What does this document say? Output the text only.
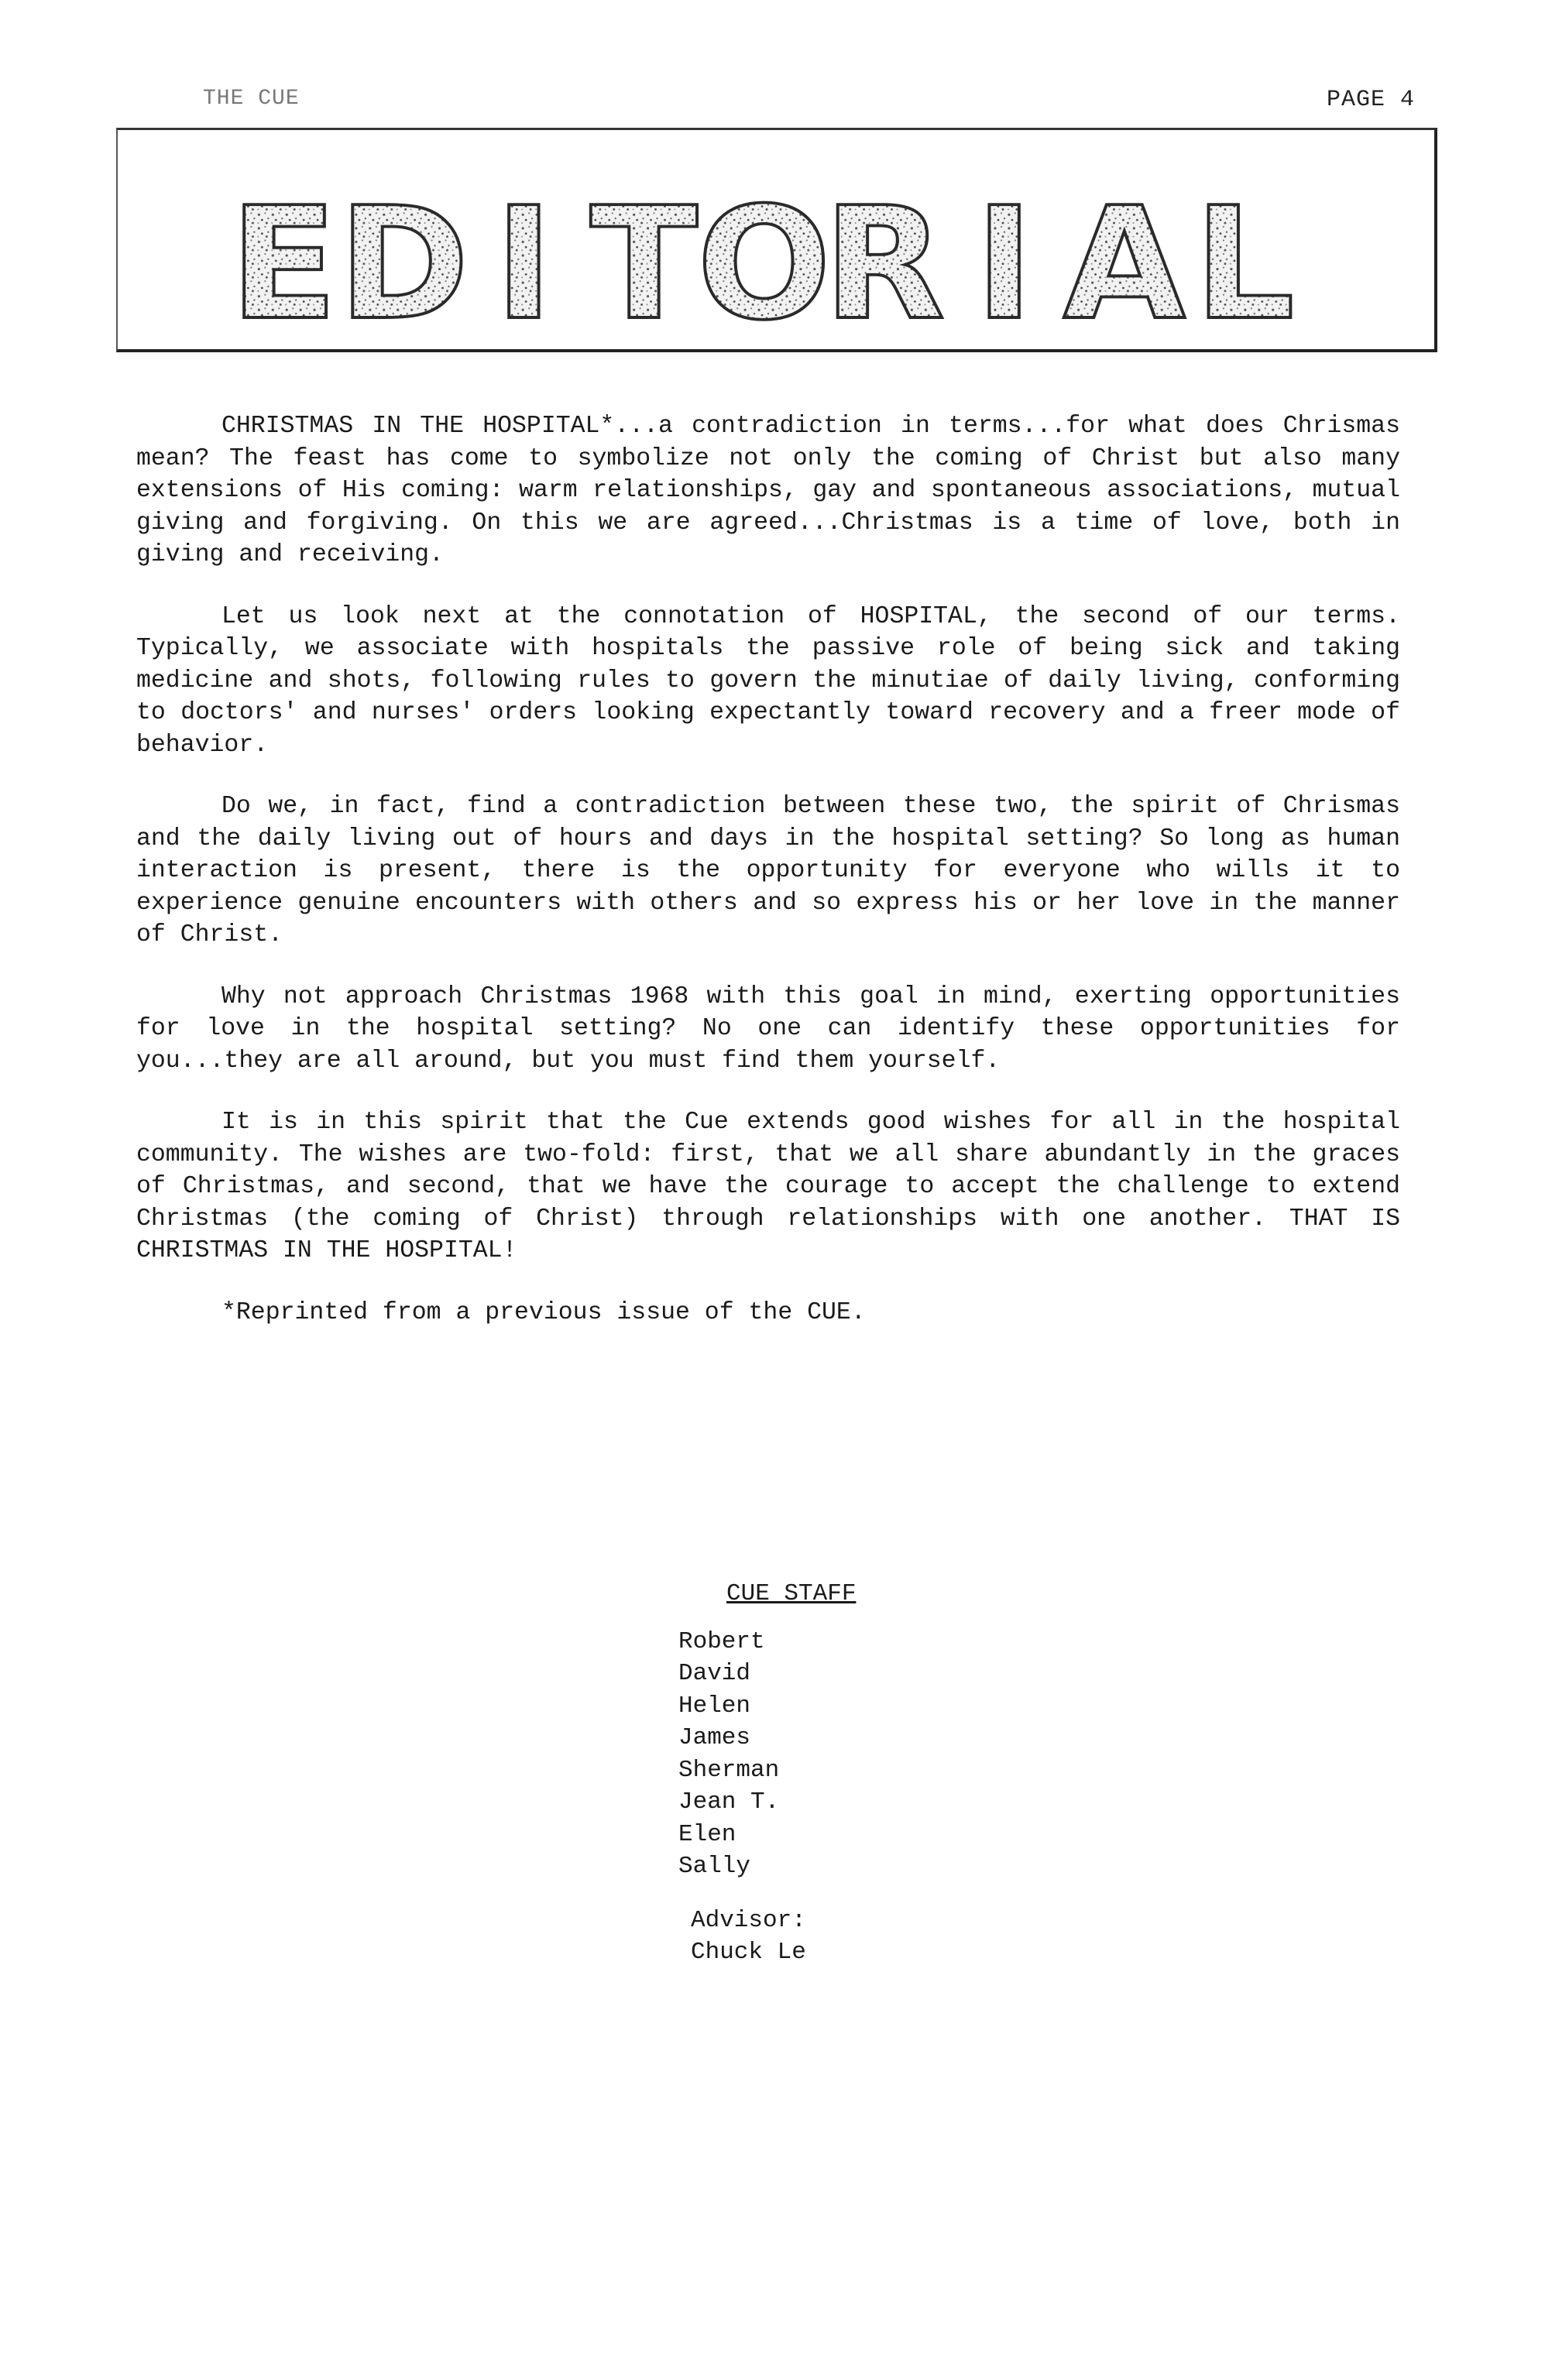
THE CUE	PAGE 4
E D I T
O
R I A L

CHRISTMAS IN THE HOSPITAL*...a contradiction in terms...for what does Chrismas mean? The feast has come to symbolize not only the coming of Christ but also many extensions of His coming: warm relationships, gay and spontaneous associations, mutual giving and forgiving. On this we are agreed...Christmas is a time of love, both in giving and receiving.

Let us look next at the connotation of HOSPITAL, the second of our terms. Typically, we associate with hospitals the passive role of being sick and taking medicine and shots, following rules to govern the minutiae of daily living, conforming to doctors' and nurses' orders looking expectantly toward recovery and a freer mode of behavior.

Do we, in fact, find a contradiction between these two, the spirit of Chrismas and the daily living out of hours and days in the hospital setting? So long as human interaction is present, there is the opportunity for everyone who wills it to experience genuine encounters with others and so express his or her love in the manner of Christ.

Why not approach Christmas 1968 with this goal in mind, exerting opportunities for love in the hospital setting? No one can identify these opportunities for you...they are all around, but you must find them yourself.

It is in this spirit that the Cue extends good wishes for all in the hospital community. The wishes are two-fold: first, that we all share abundantly in the graces of Christmas, and second, that we have the courage to accept the challenge to extend Christmas (the coming of Christ) through relationships with one another. THAT IS CHRISTMAS IN THE HOSPITAL!

*Reprinted from a previous issue of the CUE.

CUE STAFF
Robert
David
Helen
James
Sherman
Jean T.
Elen
Sally
Advisor:
Chuck Le
